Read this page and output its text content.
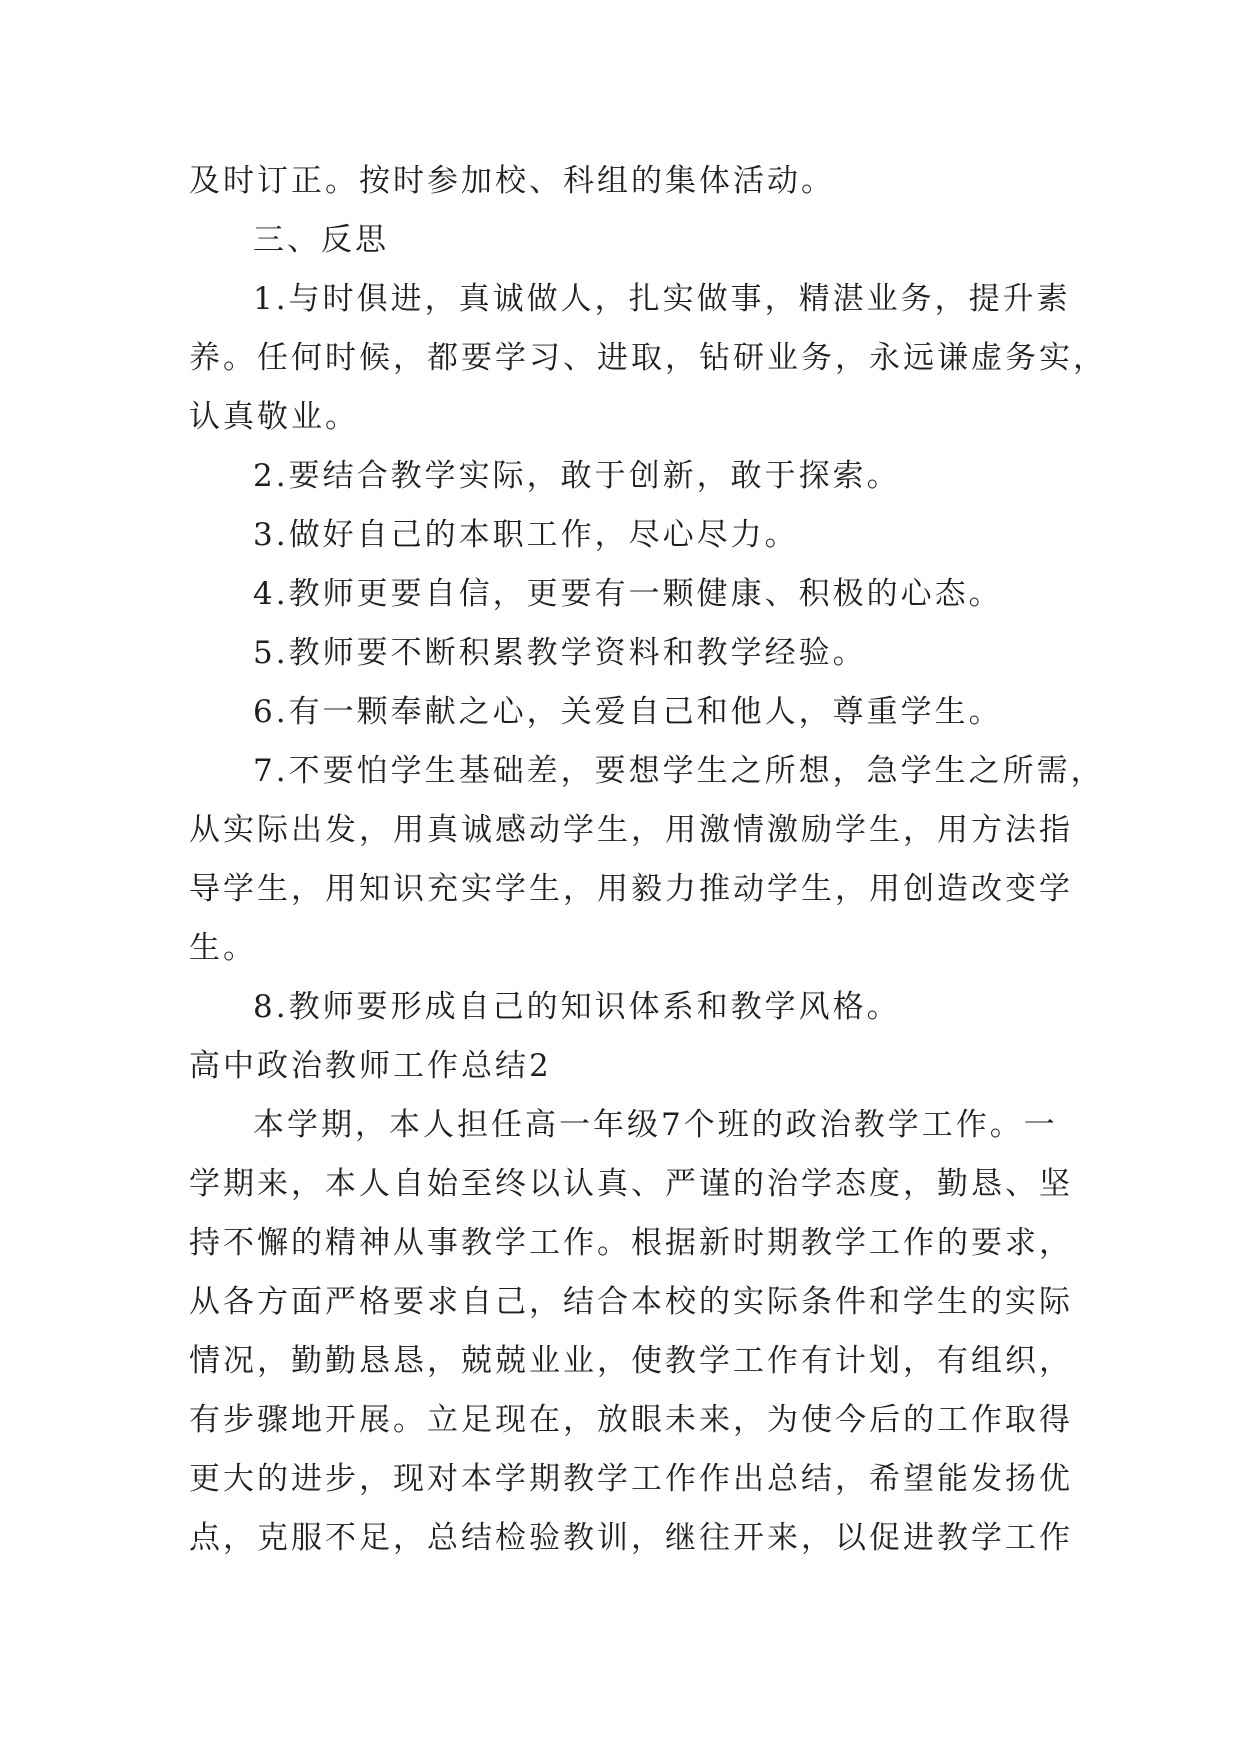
及时订正。按时参加校、科组的集体活动。
三、反思
1.与时俱进，真诚做人，扎实做事，精湛业务，提升素
养。任何时候，都要学习、进取，钻研业务，永远谦虚务实，
认真敬业。
2.要结合教学实际，敢于创新，敢于探索。
3.做好自己的本职工作，尽心尽力。
4.教师更要自信，更要有一颗健康、积极的心态。
5.教师要不断积累教学资料和教学经验。
6.有一颗奉献之心，关爱自己和他人，尊重学生。
7.不要怕学生基础差，要想学生之所想，急学生之所需，
从实际出发，用真诚感动学生，用激情激励学生，用方法指
导学生，用知识充实学生，用毅力推动学生，用创造改变学
生。
8.教师要形成自己的知识体系和教学风格。
高中政治教师工作总结2
本学期，本人担任高一年级7个班的政治教学工作。一
学期来，本人自始至终以认真、严谨的治学态度，勤恳、坚
持不懈的精神从事教学工作。根据新时期教学工作的要求，
从各方面严格要求自己，结合本校的实际条件和学生的实际
情况，勤勤恳恳，兢兢业业，使教学工作有计划，有组织，
有步骤地开展。立足现在，放眼未来，为使今后的工作取得
更大的进步，现对本学期教学工作作出总结，希望能发扬优
点，克服不足，总结检验教训，继往开来，以促进教学工作
